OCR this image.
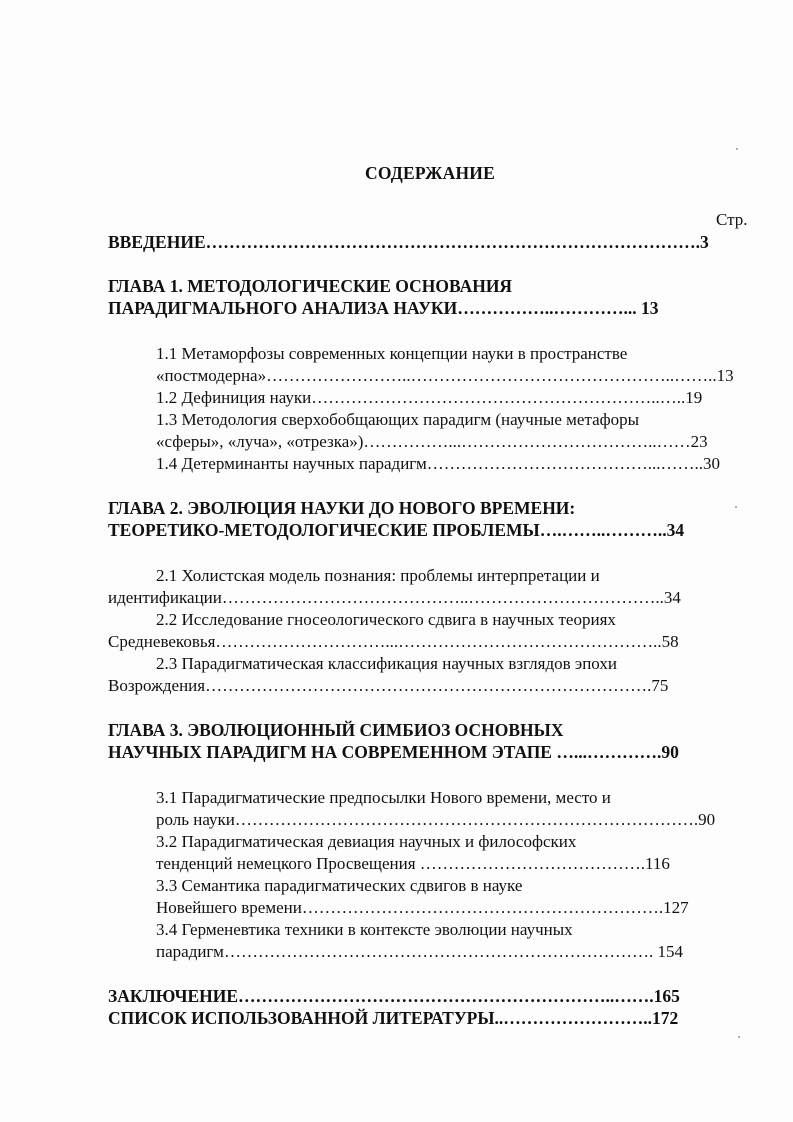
СОДЕРЖАНИЕ
Стр.
ВВЕДЕНИЕ………………………………………………………………………….3
ГЛАВА 1. МЕТОДОЛОГИЧЕСКИЕ ОСНОВАНИЯ
ПАРАДИГМАЛЬНОГО АНАЛИЗА НАУКИ……………..…………... 13
1.1 Метаморфозы современных концепции науки в пространстве
«постмодерна»……………………..………………………………………..……..13
1.2 Дефиниция науки……………………………………………………..…..19
1.3 Методология сверхобобщающих парадигм (научные метафоры
«сферы», «луча», «отрезка»)……………...……………………………..……23
1.4 Детерминанты научных парадигм…………………………………...……..30
ГЛАВА 2. ЭВОЛЮЦИЯ НАУКИ ДО НОВОГО ВРЕМЕНИ:
ТЕОРЕТИКО-МЕТОДОЛОГИЧЕСКИЕ ПРОБЛЕМЫ….……..………..34
2.1 Холистская модель познания: проблемы интерпретации и
идентификации……………………………………..……………………………..34
2.2 Исследование гносеологического сдвига в научных теориях
Средневековья…………………………...………………………………………..58
2.3 Парадигматическая классификация научных взглядов эпохи
Возрождения…………………………………………………………………….75
ГЛАВА 3. ЭВОЛЮЦИОННЫЙ СИМБИОЗ ОСНОВНЫХ
НАУЧНЫХ ПАРАДИГМ НА СОВРЕМЕННОМ ЭТАПЕ …...………….90
3.1 Парадигматические предпосылки Нового времени, место и
роль науки……………………………………………………………………….90
3.2 Парадигматическая девиация научных и философских
тенденций немецкого Просвещения ………………………………….116
3.3 Семантика парадигматических сдвигов в науке
Новейшего времени……………………………………………………….127
3.4 Герменевтика техники в контексте эволюции научных
парадигм…………………………………………………………………. 154
ЗАКЛЮЧЕНИЕ………………………………………………………..…….165
СПИСОК ИСПОЛЬЗОВАННОЙ ЛИТЕРАТУРЫ..……………………..172
